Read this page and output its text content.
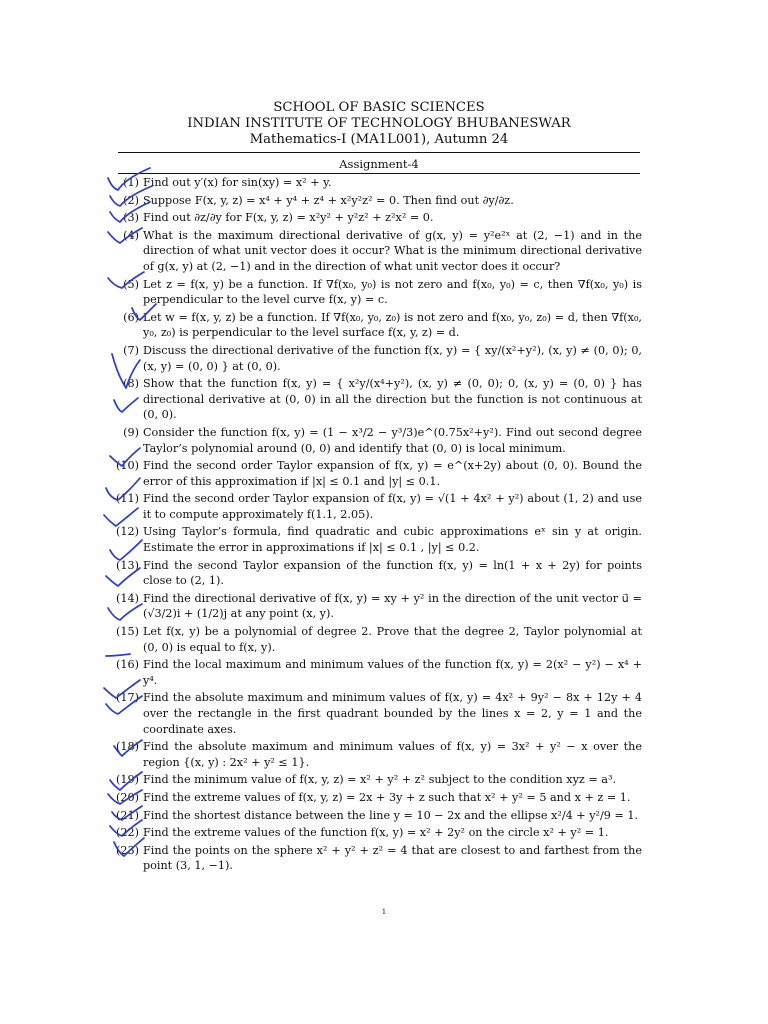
SCHOOL OF BASIC SCIENCES
INDIAN INSTITUTE OF TECHNOLOGY BHUBANESWAR
Mathematics-I (MA1L001), Autumn 24
Assignment-4
(1) Find out y′(x) for sin(xy) = x² + y.
(2) Suppose F(x, y, z) = x⁴ + y⁴ + z⁴ + x²y²z² = 0. Then find out ∂y/∂z.
(3) Find out ∂z/∂y for F(x, y, z) = x²y² + y²z² + z²x² = 0.
(4) What is the maximum directional derivative of g(x, y) = y²e²ˣ at (2, −1) and in the direction of what unit vector does it occur? What is the minimum directional derivative of g(x, y) at (2, −1) and in the direction of what unit vector does it occur?
(5) Let z = f(x, y) be a function. If ∇f(x₀, y₀) is not zero and f(x₀, y₀) = c, then ∇f(x₀, y₀) is perpendicular to the level curve f(x, y) = c.
(6) Let w = f(x, y, z) be a function. If ∇f(x₀, y₀, z₀) is not zero and f(x₀, y₀, z₀) = d, then ∇f(x₀, y₀, z₀) is perpendicular to the level surface f(x, y, z) = d.
(7) Discuss the directional derivative of the function f(x, y) = { xy/(x²+y²), (x, y) ≠ (0, 0); 0, (x, y) = (0, 0) } at (0, 0).
(8) Show that the function f(x, y) = { x²y/(x⁴+y²), (x, y) ≠ (0, 0); 0, (x, y) = (0, 0) } has directional derivative at (0, 0) in all the direction but the function is not continuous at (0, 0).
(9) Consider the function f(x, y) = (1 − x³/2 − y³/3)e^(0.75x²+y²). Find out second degree Taylor’s polynomial around (0, 0) and identify that (0, 0) is local minimum.
(10) Find the second order Taylor expansion of f(x, y) = e^(x+2y) about (0, 0). Bound the error of this approximation if |x| ≤ 0.1 and |y| ≤ 0.1.
(11) Find the second order Taylor expansion of f(x, y) = √(1 + 4x² + y²) about (1, 2) and use it to compute approximately f(1.1, 2.05).
(12) Using Taylor’s formula, find quadratic and cubic approximations eˣ sin y at origin. Estimate the error in approximations if |x| ≤ 0.1 , |y| ≤ 0.2.
(13) Find the second Taylor expansion of the function f(x, y) = ln(1 + x + 2y) for points close to (2, 1).
(14) Find the directional derivative of f(x, y) = xy + y² in the direction of the unit vector u⃗ = (√3/2)i + (1/2)j at any point (x, y).
(15) Let f(x, y) be a polynomial of degree 2. Prove that the degree 2, Taylor polynomial at (0, 0) is equal to f(x, y).
(16) Find the local maximum and minimum values of the function f(x, y) = 2(x² − y²) − x⁴ + y⁴.
(17) Find the absolute maximum and minimum values of f(x, y) = 4x² + 9y² − 8x + 12y + 4 over the rectangle in the first quadrant bounded by the lines x = 2, y = 1 and the coordinate axes.
(18) Find the absolute maximum and minimum values of f(x, y) = 3x² + y² − x over the region {(x, y) : 2x² + y² ≤ 1}.
(19) Find the minimum value of f(x, y, z) = x² + y² + z² subject to the condition xyz = a³.
(20) Find the extreme values of f(x, y, z) = 2x + 3y + z such that x² + y² = 5 and x + z = 1.
(21) Find the shortest distance between the line y = 10 − 2x and the ellipse x²/4 + y²/9 = 1.
(22) Find the extreme values of the function f(x, y) = x² + 2y² on the circle x² + y² = 1.
(23) Find the points on the sphere x² + y² + z² = 4 that are closest to and farthest from the point (3, 1, −1).
1
